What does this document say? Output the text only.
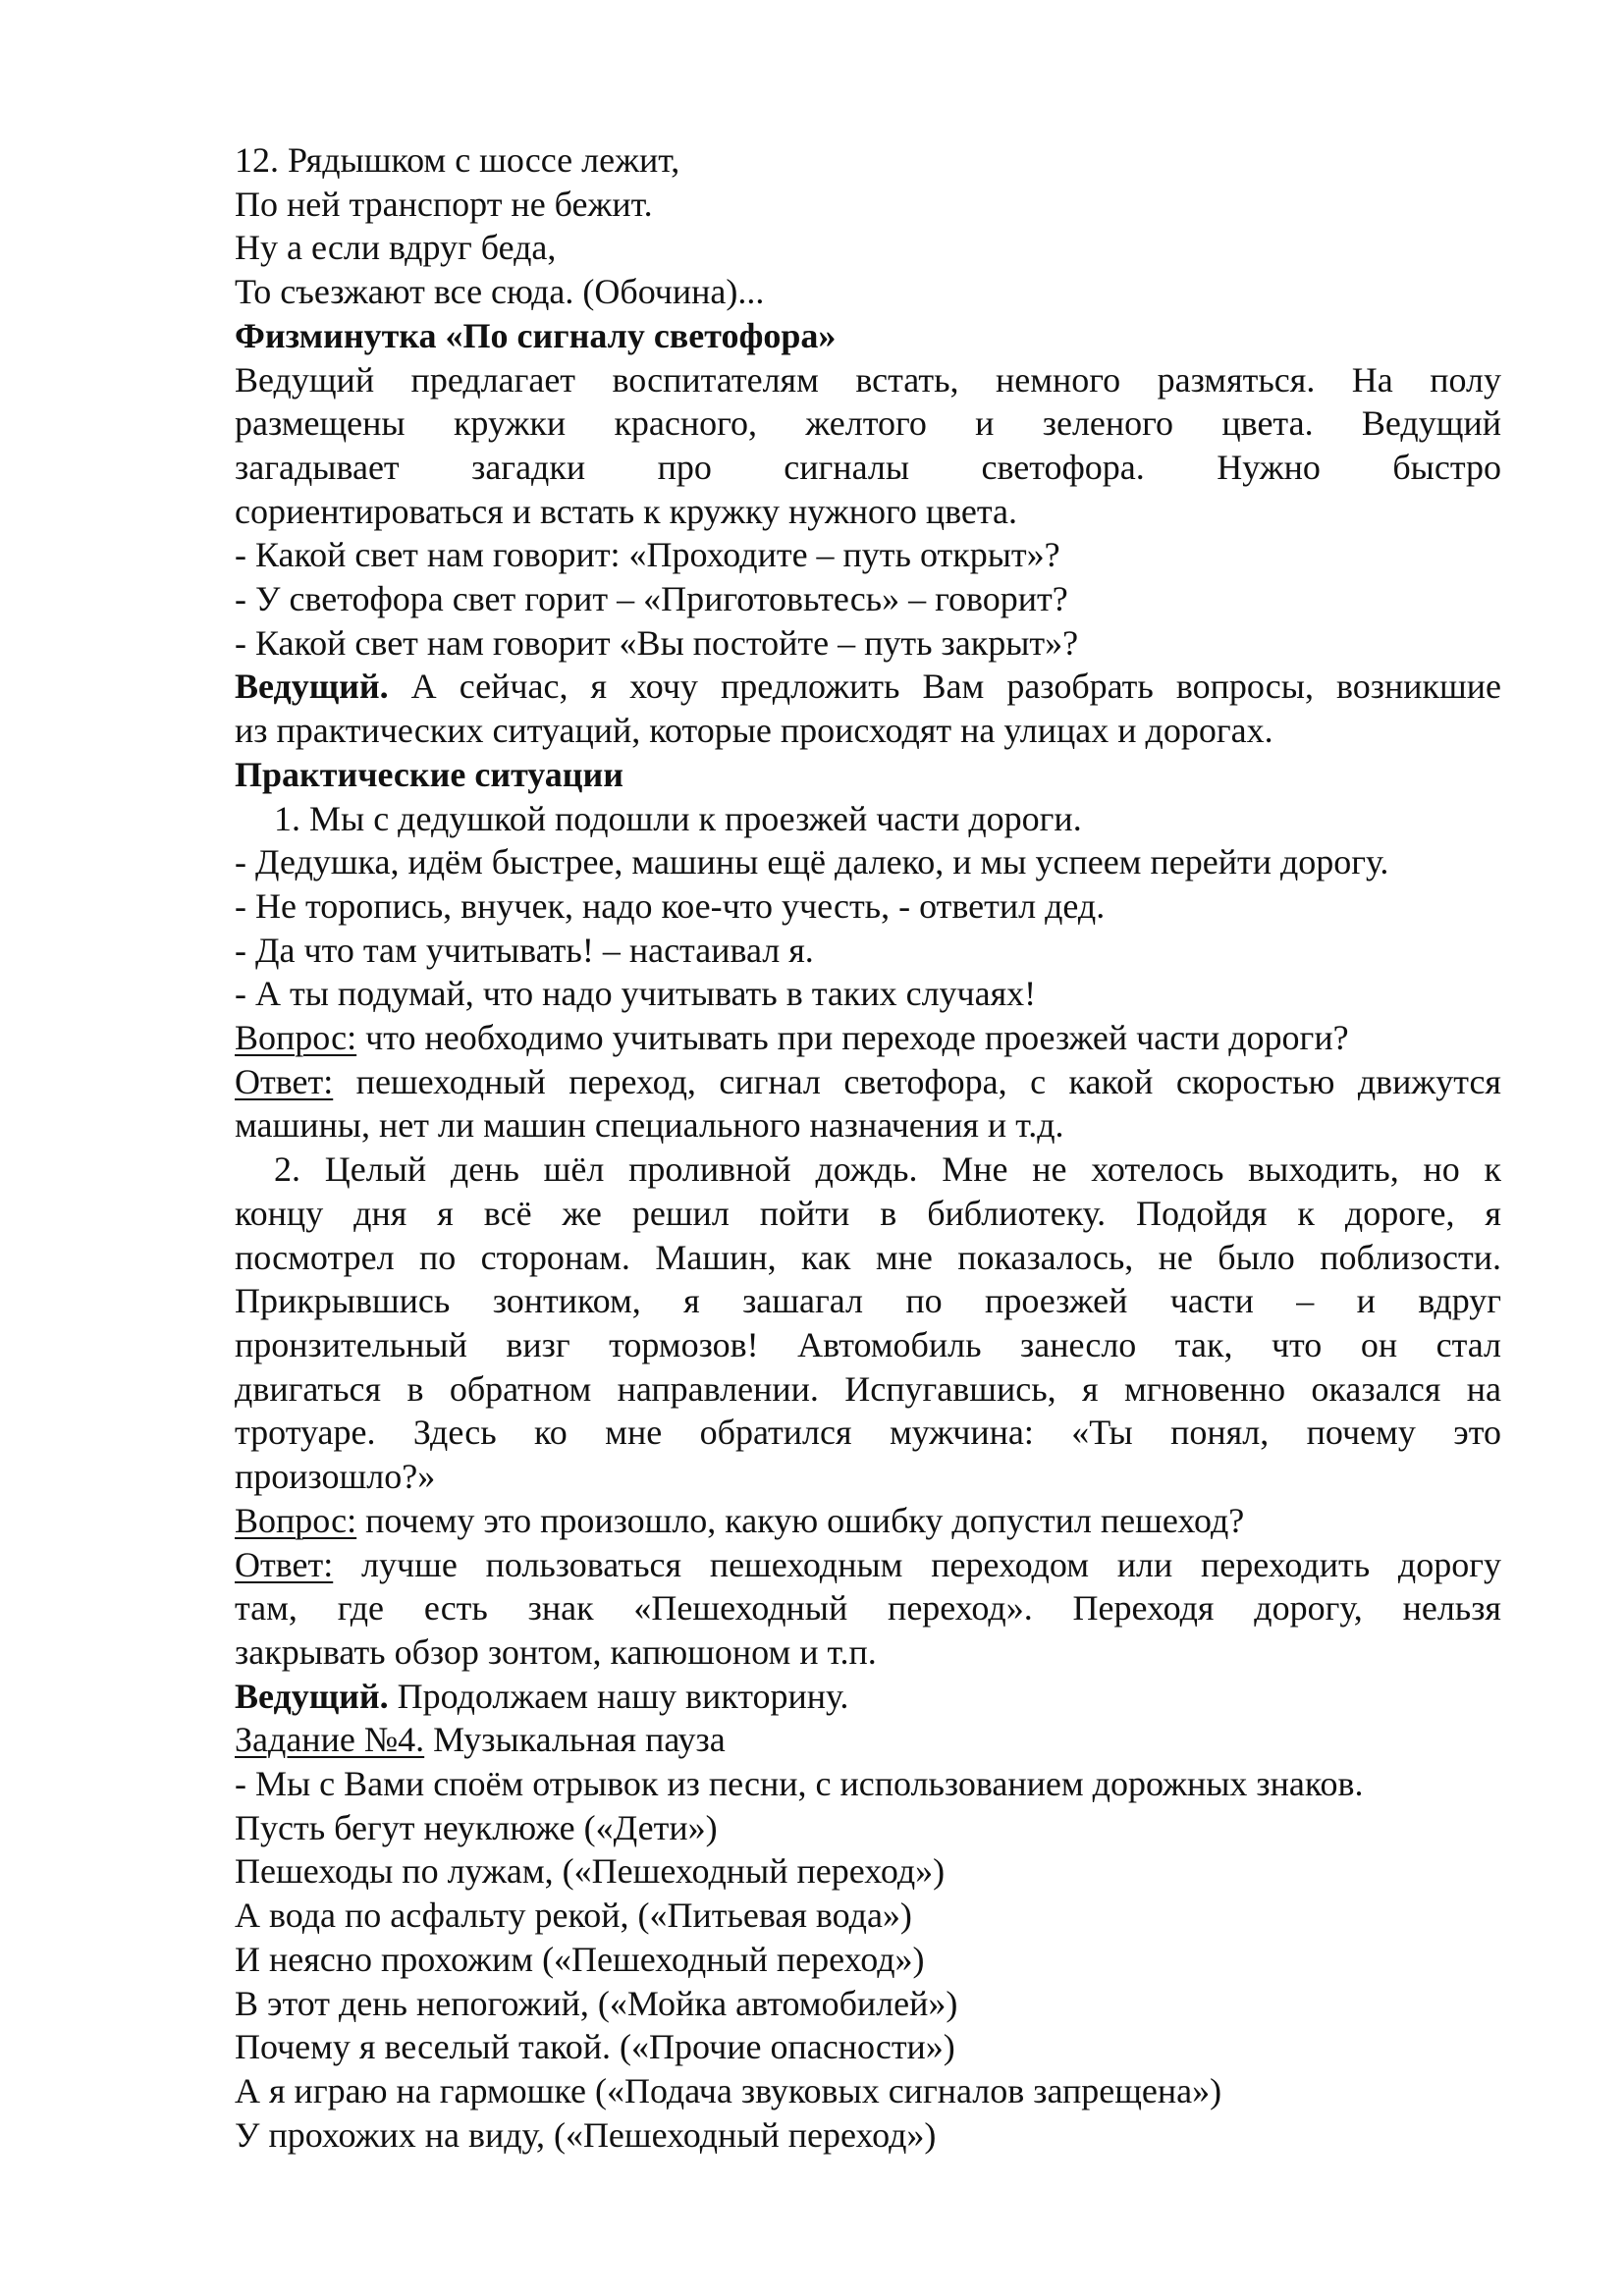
12. Рядышком с шоссе лежит,
По ней транспорт не бежит.
Ну а если вдруг беда,
То съезжают все сюда. (Обочина)...
Физминутка «По сигналу светофора»
Ведущий предлагает воспитателям встать, немного размяться. На полу
размещены кружки красного, желтого и зеленого цвета. Ведущий
загадывает загадки про сигналы светофора. Нужно быстро
сориентироваться и встать к кружку нужного цвета.
- Какой свет нам говорит: «Проходите – путь открыт»?
- У светофора свет горит – «Приготовьтесь» – говорит?
- Какой свет нам говорит «Вы постойте – путь закрыт»?
Ведущий. А сейчас, я хочу предложить Вам разобрать вопросы, возникшие
из практических ситуаций, которые происходят на улицах и дорогах.
Практические ситуации
1. Мы с дедушкой подошли к проезжей части дороги.
- Дедушка, идём быстрее, машины ещё далеко, и мы успеем перейти дорогу.
- Не торопись, внучек, надо кое-что учесть, - ответил дед.
- Да что там учитывать! – настаивал я.
- А ты подумай, что надо учитывать в таких случаях!
Вопрос: что необходимо учитывать при переходе проезжей части дороги?
Ответ: пешеходный переход, сигнал светофора, с какой скоростью движутся
машины, нет ли машин специального назначения и т.д.
2. Целый день шёл проливной дождь. Мне не хотелось выходить, но к
концу дня я всё же решил пойти в библиотеку. Подойдя к дороге, я
посмотрел по сторонам. Машин, как мне показалось, не было поблизости.
Прикрывшись зонтиком, я зашагал по проезжей части – и вдруг
пронзительный визг тормозов! Автомобиль занесло так, что он стал
двигаться в обратном направлении. Испугавшись, я мгновенно оказался на
тротуаре. Здесь ко мне обратился мужчина: «Ты понял, почему это
произошло?»
Вопрос: почему это произошло, какую ошибку допустил пешеход?
Ответ: лучше пользоваться пешеходным переходом или переходить дорогу
там, где есть знак «Пешеходный переход». Переходя дорогу, нельзя
закрывать обзор зонтом, капюшоном и т.п.
Ведущий. Продолжаем нашу викторину.
Задание №4. Музыкальная пауза
- Мы с Вами споём отрывок из песни, с использованием дорожных знаков.
Пусть бегут неуклюже («Дети»)
Пешеходы по лужам, («Пешеходный переход»)
А вода по асфальту рекой, («Питьевая вода»)
И неясно прохожим («Пешеходный переход»)
В этот день непогожий, («Мойка автомобилей»)
Почему я веселый такой. («Прочие опасности»)
А я играю на гармошке («Подача звуковых сигналов запрещена»)
У прохожих на виду, («Пешеходный переход»)
